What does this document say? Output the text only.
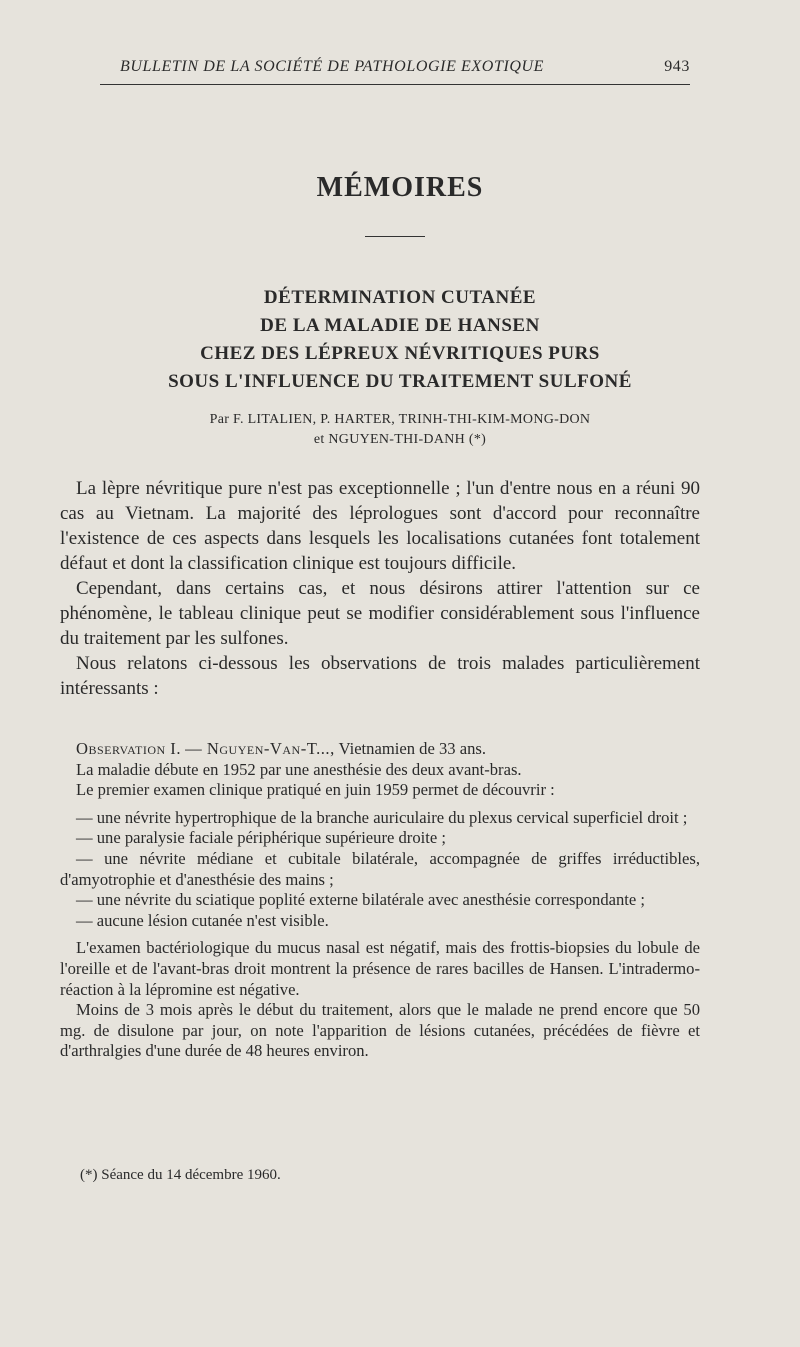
BULLETIN DE LA SOCIÉTÉ DE PATHOLOGIE EXOTIQUE	943

MÉMOIRES
DÉTERMINATION CUTANÉE
DE LA MALADIE DE HANSEN
CHEZ DES LÉPREUX NÉVRITIQUES PURS
SOUS L'INFLUENCE DU TRAITEMENT SULFONÉ
Par F. LITALIEN, P. HARTER, TRINH-THI-KIM-MONG-DON
et NGUYEN-THI-DANH (*)

La lèpre névritique pure n'est pas exceptionnelle ; l'un d'entre nous en a réuni 90 cas au Vietnam. La majorité des léprologues sont d'accord pour reconnaître l'existence de ces aspects dans lesquels les localisations cutanées font totalement défaut et dont la classification clinique est toujours difficile.

Cependant, dans certains cas, et nous désirons attirer l'attention sur ce phénomène, le tableau clinique peut se modifier considérablement sous l'influence du traitement par les sulfones.

Nous relatons ci-dessous les observations de trois malades particulièrement intéressants :

Observation I. — Nguyen-Van-T..., Vietnamien de 33 ans.

La maladie débute en 1952 par une anesthésie des deux avant-bras.

Le premier examen clinique pratiqué en juin 1959 permet de découvrir :

— une névrite hypertrophique de la branche auriculaire du plexus cervical superficiel droit ;

— une paralysie faciale périphérique supérieure droite ;

— une névrite médiane et cubitale bilatérale, accompagnée de griffes irréductibles, d'amyotrophie et d'anesthésie des mains ;

— une névrite du sciatique poplité externe bilatérale avec anesthésie correspondante ;

— aucune lésion cutanée n'est visible.

L'examen bactériologique du mucus nasal est négatif, mais des frottis-biopsies du lobule de l'oreille et de l'avant-bras droit montrent la présence de rares bacilles de Hansen. L'intradermo-réaction à la lépromine est négative.

Moins de 3 mois après le début du traitement, alors que le malade ne prend encore que 50 mg. de disulone par jour, on note l'apparition de lésions cutanées, précédées de fièvre et d'arthralgies d'une durée de 48 heures environ.

(*) Séance du 14 décembre 1960.
